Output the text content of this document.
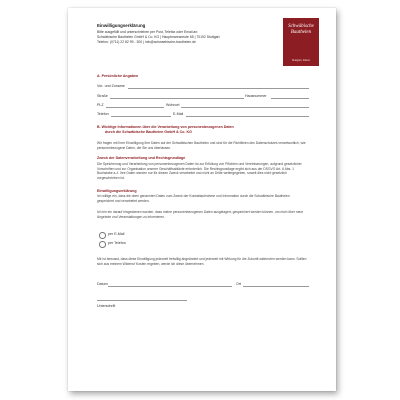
Einwilligungserklärung
Bitte ausgefüllt und unterschrieben per Post, Telefax oder Email an:
Schwäbische Bauthelen GmbH & Co. KG | Hauptmannsreute 65 | 70192 Stuttgart
Telefon: (0711) 22 82 99 - 300 | info@schwaebische-bauthelen.de
Schwäbische
Bauthelen
Stuttgart | Zollern
A. Persönliche Angaben
Vor- und Zuname
Straße	Hausnummer
PLZ	Wohnort
Telefon	E-Mail
B. Wichtige Informationen über die Verarbeitung von personenbezogenen Daten
durch die Schwäbische Bauthelen GmbH & Co. KG
Wir fragen mit Ihrer Einwilligung Ihre Daten auf der Schwäbischen Bauthelen und sind für die Richtlinien des Datenschutzes verantwortlich, wie personenbezogene Daten, die Sie uns überlassen.
Zweck der Datenverarbeitung und Rechtsgrundlage
Die Speicherung und Verarbeitung von personenbezogenen Daten ist zur Erfüllung von Pflichten und Vereinbarungen, aufgrund gesetzlicher Vorschriften und zur Organisation unserer Geschäftsabläufe erforderlich. Die Rechtsgrundlage ergibt sich aus der DSGVO Art. 6 Abs. 1 Buchstabe a–f. Ihre Daten werden nur für diesen Zweck verarbeitet und nicht an Dritte weitergegeben, soweit dies nicht gesetzlich vorgeschrieben ist.
Einwilligungserklärung
Ich willige ein, dass die oben genannten Daten zum Zweck der Kontaktaufnahme und Information durch die Schwäbische Bauthelen gespeichert und verarbeitet werden.
Ich bin ein darauf hingewiesen worden, dass meine personenbezogenen Daten ausgelagert, gespeichert werden können, um mich über neue Angebote und Veranstaltungen zu informieren.
per E-Mail
per Telefon
Mir ist bewusst, dass diese Einwilligung jederzeit freiwillig abgeändert und jederzeit mit Wirkung für die Zukunft widerrufen werden kann. Sollten sich aus meinem Widerruf Kosten ergeben, werde ich diese übernehmen.
Datum	Ort
Unterschrift
